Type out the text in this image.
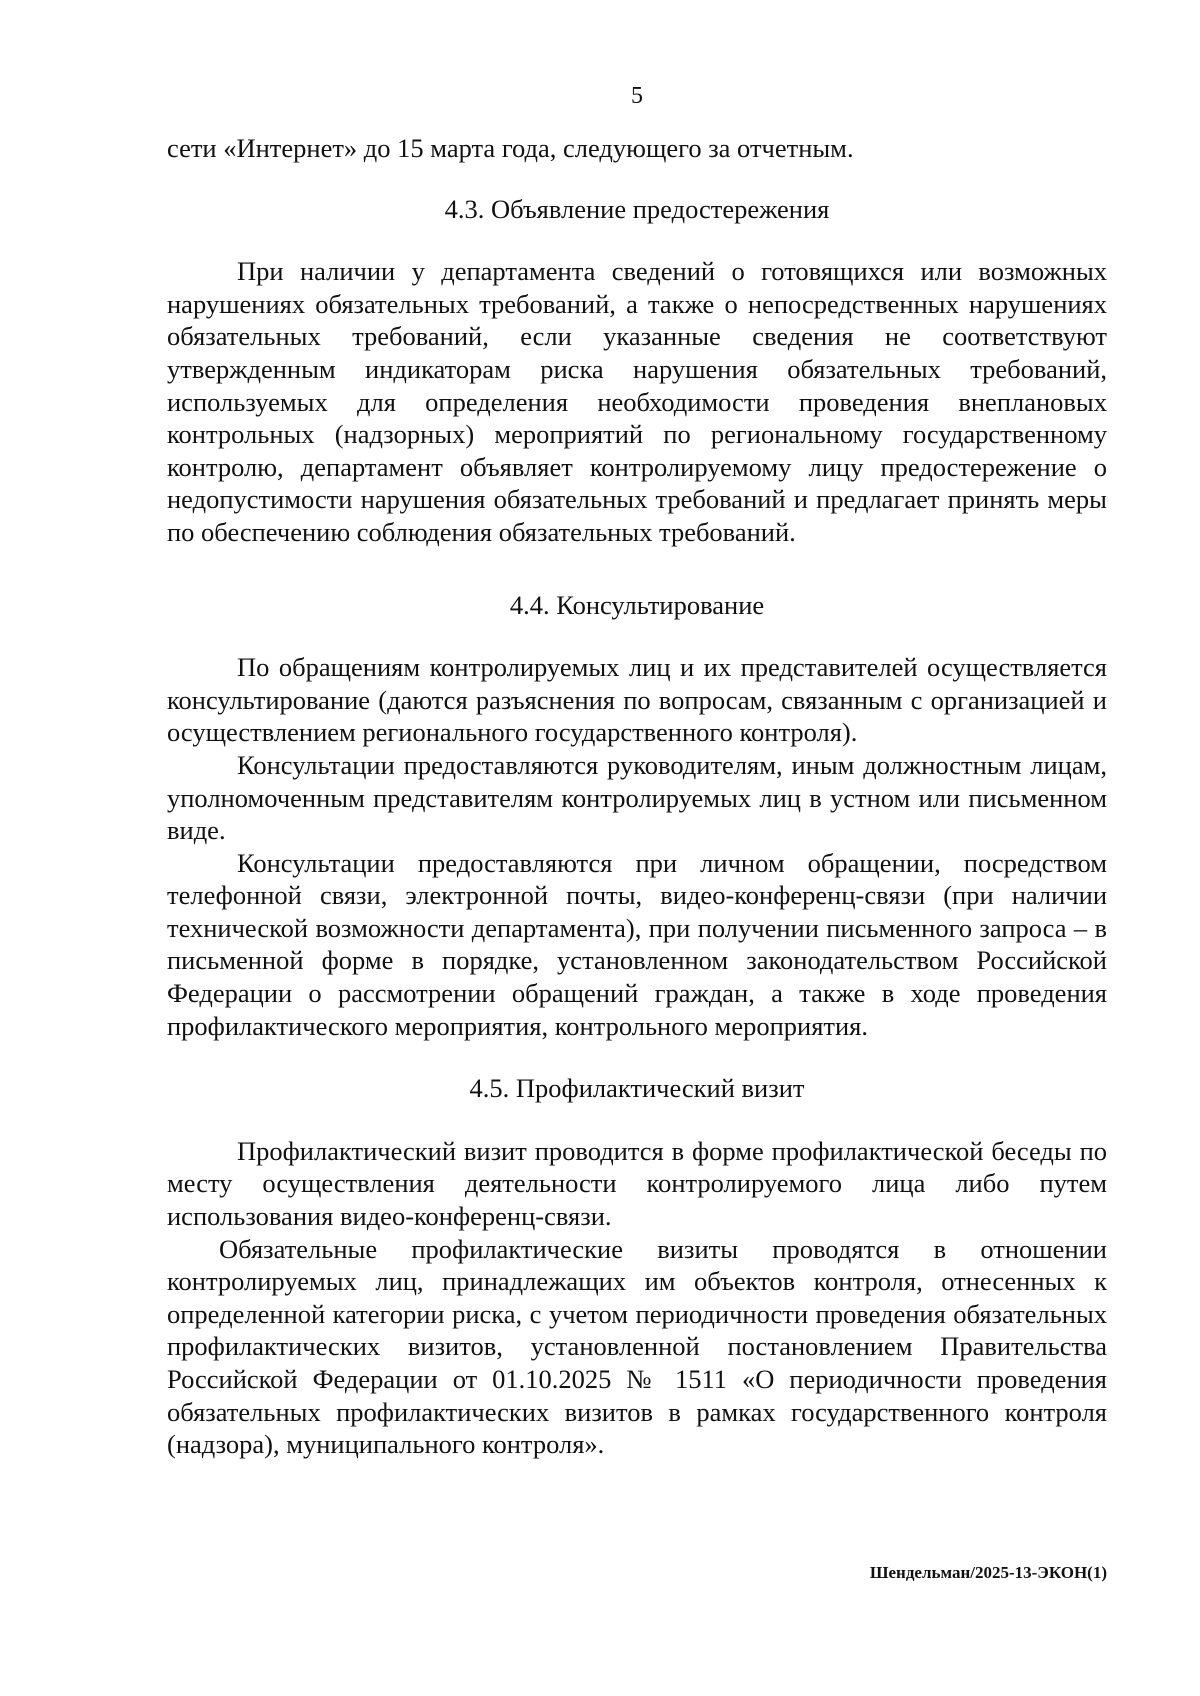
5

сети «Интернет» до 15 марта года, следующего за отчетным.

4.3. Объявление предостережения

При наличии у департамента сведений о готовящихся или возможных нарушениях обязательных требований, а также о непосредственных нарушениях обязательных требований, если указанные сведения не соответствуют утвержденным индикаторам риска нарушения обязательных требований, используемых для определения необходимости проведения внеплановых контрольных (надзорных) мероприятий по региональному государственному контролю, департамент объявляет контролируемому лицу предостережение о недопустимости нарушения обязательных требований и предлагает принять меры по обеспечению соблюдения обязательных требований.

4.4. Консультирование

По обращениям контролируемых лиц и их представителей осуществляется консультирование (даются разъяснения по вопросам, связанным с организацией и осуществлением регионального государственного контроля).

Консультации предоставляются руководителям, иным должностным лицам, уполномоченным представителям контролируемых лиц в устном или письменном виде.

Консультации предоставляются при личном обращении, посредством телефонной связи, электронной почты, видео-конференц-связи (при наличии технической возможности департамента), при получении письменного запроса – в письменной форме в порядке, установленном законодательством Российской Федерации о рассмотрении обращений граждан, а также в ходе проведения профилактического мероприятия, контрольного мероприятия.

4.5. Профилактический визит

Профилактический визит проводится в форме профилактической беседы по месту осуществления деятельности контролируемого лица либо путем использования видео-конференц-связи.

Обязательные профилактические визиты проводятся в отношении контролируемых лиц, принадлежащих им объектов контроля, отнесенных к определенной категории риска, с учетом периодичности проведения обязательных профилактических визитов, установленной постановлением Правительства Российской Федерации от 01.10.2025 № 1511 «О периодичности проведения обязательных профилактических визитов в рамках государственного контроля (надзора), муниципального контроля».

Шендельман/2025-13-ЭКОН(1)
